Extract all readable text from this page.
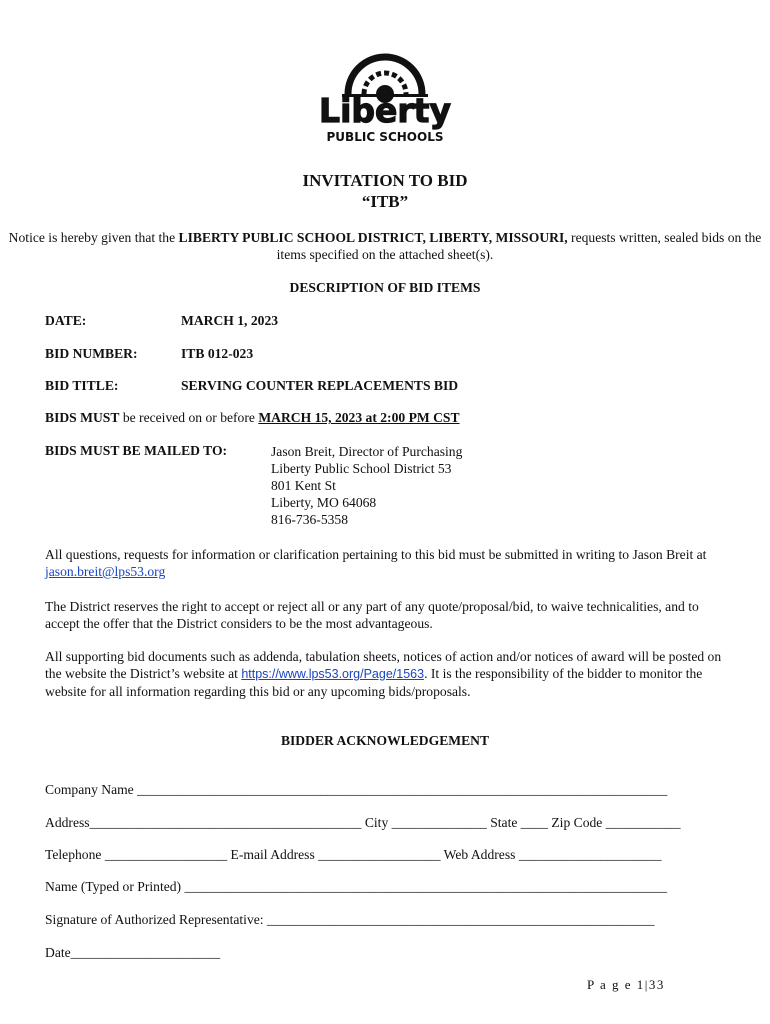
Liberty
PUBLIC SCHOOLS
INVITATION TO BID
“ITB”
Notice is hereby given that the LIBERTY PUBLIC SCHOOL DISTRICT, LIBERTY, MISSOURI, requests written, sealed bids on the items specified on the attached sheet(s).
DESCRIPTION OF BID ITEMS
DATE:	MARCH 1, 2023
BID NUMBER:	ITB 012-023
BID TITLE:	SERVING COUNTER REPLACEMENTS BID
BIDS MUST be received on or before MARCH 15, 2023 at 2:00 PM CST
BIDS MUST BE MAILED TO:	Jason Breit, Director of Purchasing
Liberty Public School District 53
801 Kent St
Liberty, MO 64068
816-736-5358
All questions, requests for information or clarification pertaining to this bid must be submitted in writing to Jason Breit at jason.breit@lps53.org
The District reserves the right to accept or reject all or any part of any quote/proposal/bid, to waive technicalities, and to accept the offer that the District considers to be the most advantageous.
All supporting bid documents such as addenda, tabulation sheets, notices of action and/or notices of award will be posted on the website the District’s website at https://www.lps53.org/Page/1563. It is the responsibility of the bidder to monitor the website for all information regarding this bid or any upcoming bids/proposals.
BIDDER ACKNOWLEDGEMENT
Company Name ______________________________________________________________________________
Address________________________________________ City ______________ State ____ Zip Code ___________
Telephone __________________ E-mail Address __________________ Web Address _____________________
Name (Typed or Printed) _______________________________________________________________________
Signature of Authorized Representative: _________________________________________________________
Date______________________
P a g e 1|33
